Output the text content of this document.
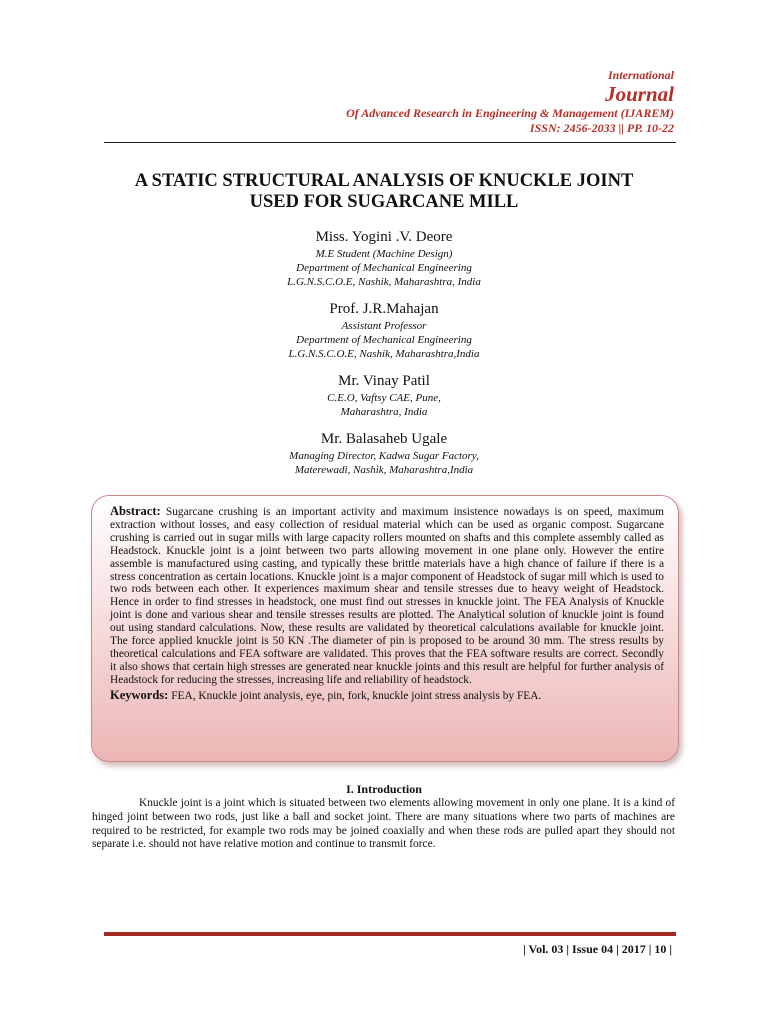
International
Journal
Of Advanced Research in Engineering & Management (IJAREM)
ISSN: 2456-2033 || PP. 10-22
A STATIC STRUCTURAL ANALYSIS OF KNUCKLE JOINT
USED FOR SUGARCANE MILL
Miss. Yogini .V. Deore
M.E Student (Machine Design)
Department of Mechanical Engineering
L.G.N.S.C.O.E, Nashik, Maharashtra, India
Prof. J.R.Mahajan
Assistant Professor
Department of Mechanical Engineering
L.G.N.S.C.O.E, Nashik, Maharashtra,India
Mr. Vinay Patil
C.E.O, Vaftsy CAE, Pune,
Maharashtra, India
Mr. Balasaheb Ugale
Managing Director, Kadwa Sugar Factory,
Materewadi, Nashik, Maharashtra,India
Abstract: Sugarcane crushing is an important activity and maximum insistence nowadays is on speed, maximum extraction without losses, and easy collection of residual material which can be used as organic compost. Sugarcane crushing is carried out in sugar mills with large capacity rollers mounted on shafts and this complete assembly called as Headstock. Knuckle joint is a joint between two parts allowing movement in one plane only. However the entire assemble is manufactured using casting, and typically these brittle materials have a high chance of failure if there is a stress concentration as certain locations. Knuckle joint is a major component of Headstock of sugar mill which is used to two rods between each other. It experiences maximum shear and tensile stresses due to heavy weight of Headstock. Hence in order to find stresses in headstock, one must find out stresses in knuckle joint. The FEA Analysis of Knuckle joint is done and various shear and tensile stresses results are plotted. The Analytical solution of knuckle joint is found out using standard calculations. Now, these results are validated by theoretical calculations available for knuckle joint. The force applied knuckle joint is 50 KN .The diameter of pin is proposed to be around 30 mm. The stress results by theoretical calculations and FEA software are validated. This proves that the FEA software results are correct. Secondly it also shows that certain high stresses are generated near knuckle joints and this result are helpful for further analysis of Headstock for reducing the stresses, increasing life and reliability of headstock.
Keywords: FEA, Knuckle joint analysis, eye, pin, fork, knuckle joint stress analysis by FEA.
I. Introduction
Knuckle joint is a joint which is situated between two elements allowing movement in only one plane. It is a kind of hinged joint between two rods, just like a ball and socket joint. There are many situations where two parts of machines are required to be restricted, for example two rods may be joined coaxially and when these rods are pulled apart they should not separate i.e. should not have relative motion and continue to transmit force.
| Vol. 03 | Issue 04 | 2017 | 10 |
